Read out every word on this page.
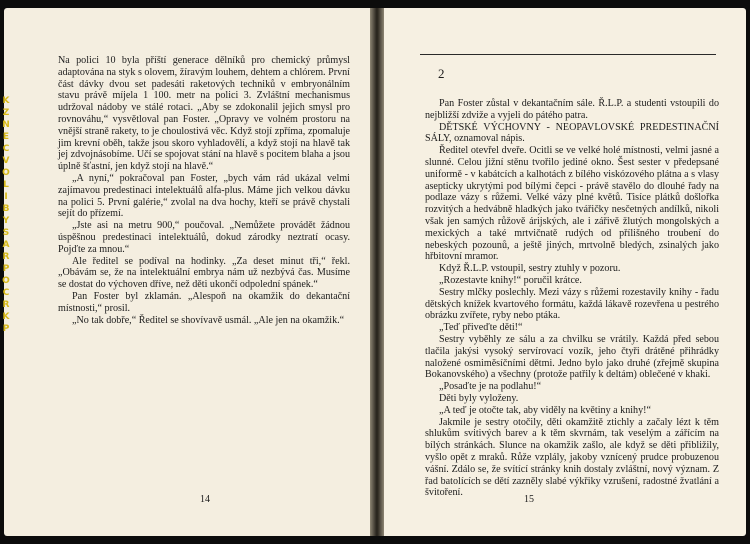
Na polici 10 byla příští generace dělníků pro chemický průmysl adaptována na styk s olovem, žíravým louhem, dehtem a chlórem. První část dávky dvou set padesáti raketových techniků v embryonálním stavu právě míjela 1 100. metr na polici 3. Zvláštní mechanismus udržoval nádoby ve stálé rotaci. „Aby se zdokonalil jejich smysl pro rovnováhu,“ vysvětloval pan Foster. „Opravy ve volném prostoru na vnější straně rakety, to je choulostivá věc. Když stojí zpříma, zpomaluje jim krevní oběh, takže jsou skoro vyhladovělí, a když stojí na hlavě tak jej zdvojnásobíme. Učí se spojovat stání na hlavě s pocitem blaha a jsou úplně šťastní, jen když stojí na hlavě.“

„A nyní,“ pokračoval pan Foster, „bych vám rád ukázal velmi zajímavou predestinaci intelektuálů alfa-plus. Máme jich velkou dávku na polici 5. První galérie,“ zvolal na dva hochy, kteří se právě chystali sejít do přízemí.

„Jste asi na metru 900,“ poučoval. „Nemůžete provádět žádnou úspěšnou predestinaci intelektuálů, dokud zárodky neztratí ocasy. Pojďte za mnou.“

Ale ředitel se podíval na hodinky. „Za deset minut tři,“ řekl. „Obávám se, že na intelektuální embrya nám už nezbývá čas. Musíme se dostat do výchoven dříve, než děti ukončí odpolední spánek.“

Pan Foster byl zklamán. „Alespoň na okamžik do dekantační místnosti,“ prosil.

„No tak dobře,“ Ředitel se shovívavě usmál. „Ale jen na okamžik.“

14
2

Pan Foster zůstal v dekantačním sále. Ř.L.P. a studenti vstoupili do nejbližší zdviže a vyjeli do pátého patra.

DĚTSKÉ VÝCHOVNY - NEOPAVLOVSKÉ PREDESTINAČNÍ SÁLY, oznamoval nápis.

Ředitel otevřel dveře. Ocitli se ve velké holé místnosti, velmi jasné a slunné. Celou jižní stěnu tvořilo jediné okno. Šest sester v předepsané uniformě - v kabátcích a kalhotách z bílého viskózového plátna a s vlasy asepticky ukrytými pod bílými čepci - právě stavělo do dlouhé řady na podlaze vázy s růžemi. Velké vázy plné květů. Tisíce plátků došlořka rozvitých a hedvábně hladkých jako tvářičky nesčetných andílků, nikoli však jen samých růžově árijských, ale i zářivě žlutých mongolských a mexických a také mrtvičnatě rudých od přílišného troubení do nebeských pozounů, a ještě jiných, mrtvolně bledých, zsinalých jako hřbitovní mramor.

Když Ř.L.P. vstoupil, sestry ztuhly v pozoru.

„Rozestavte knihy!“ poručil krátce.

Sestry mlčky poslechly. Mezi vázy s růžemi rozestavily knihy - řadu dětských knížek kvartového formátu, každá lákavě rozevřena u pestrého obrázku zvířete, ryby nebo ptáka.

„Teď přiveďte děti!“

Sestry vyběhly ze sálu a za chvilku se vrátily. Každá před sebou tlačila jakýsi vysoký servírovací vozík, jeho čtyři drátěné přihrádky naložené osmiměsíčními dětmi. Jedno bylo jako druhé (zřejmě skupina Bokanovského) a všechny (protože patřily k deltám) oblečené v khaki.

„Posaďte je na podlahu!“

Děti byly vyloženy.

„A teď je otočte tak, aby viděly na květiny a knihy!“

Jakmile je sestry otočily, děti okamžitě ztichly a začaly lézt k těm shlukům svitivých barev a k těm skvrnám, tak veselým a zářícím na bílých stránkách. Slunce na okamžik zašlo, ale když se děti přibližily, vyšlo opět z mraků. Růže vzplály, jakoby vznícený prudce probuzenou vášní. Zdálo se, že svítící stránky knih dostaly zvláštní, nový význam. Z řad batolících se dětí zazněly slabé výkřiky vzrušení, radostné žvatlání a švitoření.

15
K
Z
N
E
C
V
O
L
I
B
Y
S
A
R
P
O
C
R
K
P
